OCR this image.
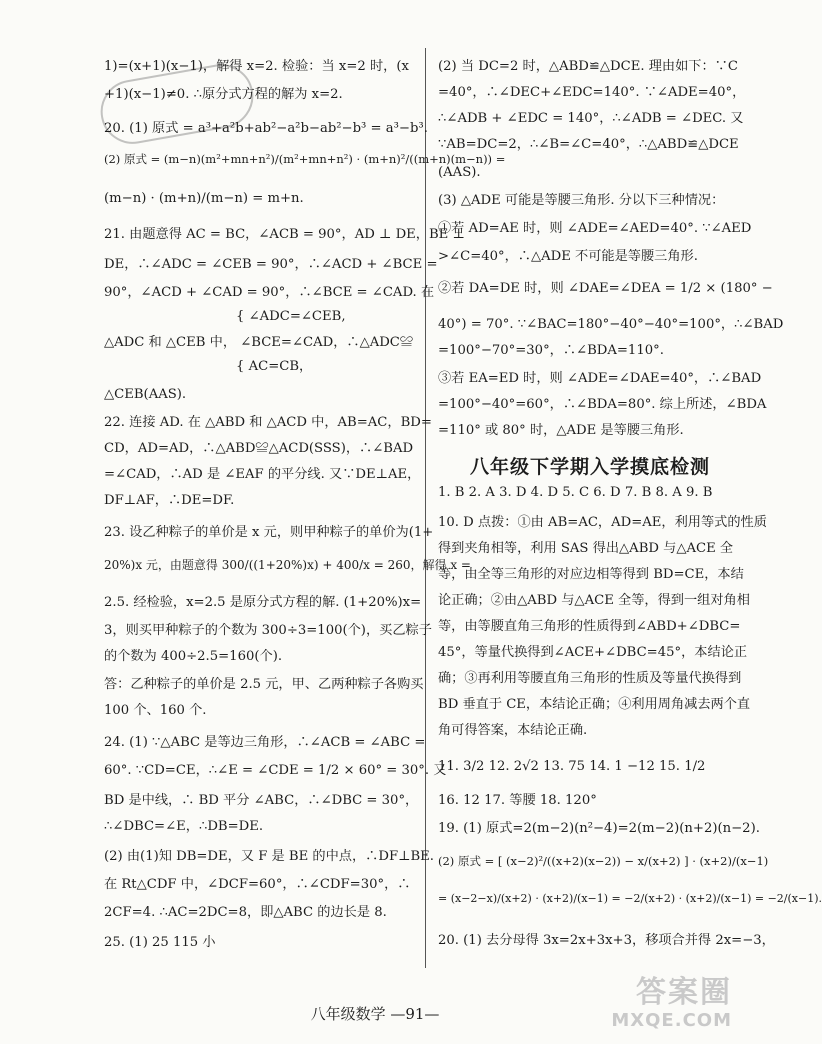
1)=(x+1)(x−1)，解得 x=2. 检验：当 x=2 时，(x
+1)(x−1)≠0. ∴原分式方程的解为 x=2.
20. (1) 原式 = a³+a²b+ab²−a²b−ab²−b³ = a³−b³.
(2) 原式 = (m−n)(m²+mn+n²)/(m²+mn+n²) · (m+n)²/((m+n)(m−n)) =
(m−n) · (m+n)/(m−n) = m+n.
21. 由题意得 AC = BC，∠ACB = 90°，AD ⊥ DE，BE ⊥
DE，∴∠ADC = ∠CEB = 90°，∴∠ACD + ∠BCE =
90°，∠ACD + ∠CAD = 90°，∴∠BCE = ∠CAD. 在
{ ∠ADC=∠CEB,
△ADC 和 △CEB 中， ∠BCE=∠CAD，∴△ADC≌
{ AC=CB，
△CEB(AAS).
22. 连接 AD. 在 △ABD 和 △ACD 中，AB=AC，BD=
CD，AD=AD，∴△ABD≌△ACD(SSS)，∴∠BAD
=∠CAD，∴AD 是 ∠EAF 的平分线. 又∵DE⊥AE，
DF⊥AF，∴DE=DF.
23. 设乙种粽子的单价是 x 元，则甲种粽子的单价为(1+
20%)x 元，由题意得 300/((1+20%)x) + 400/x = 260，解得 x =
2.5. 经检验，x=2.5 是原分式方程的解. (1+20%)x=
3，则买甲种粽子的个数为 300÷3=100(个)，买乙粽子
的个数为 400÷2.5=160(个).
答：乙种粽子的单价是 2.5 元，甲、乙两种粽子各购买
100 个、160 个.
24. (1) ∵△ABC 是等边三角形，∴∠ACB = ∠ABC =
60°. ∵CD=CE，∴∠E = ∠CDE = 1/2 × 60° = 30°. 又
BD 是中线，∴ BD 平分 ∠ABC，∴∠DBC = 30°，
∴∠DBC=∠E，∴DB=DE.
(2) 由(1)知 DB=DE，又 F 是 BE 的中点，∴DF⊥BE.
在 Rt△CDF 中，∠DCF=60°，∴∠CDF=30°，∴
2CF=4. ∴AC=2DC=8，即△ABC 的边长是 8.
25. (1) 25 115 小
(2) 当 DC=2 时，△ABD≌△DCE. 理由如下：∵C
=40°，∴∠DEC+∠EDC=140°. ∵∠ADE=40°，
∴∠ADB + ∠EDC = 140°，∴∠ADB = ∠DEC. 又
∵AB=DC=2，∴∠B=∠C=40°，∴△ABD≌△DCE
(AAS).
(3) △ADE 可能是等腰三角形. 分以下三种情况：
①若 AD=AE 时，则 ∠ADE=∠AED=40°. ∵∠AED
>∠C=40°，∴△ADE 不可能是等腰三角形.
②若 DA=DE 时，则 ∠DAE=∠DEA = 1/2 × (180° −
40°) = 70°. ∵∠BAC=180°−40°−40°=100°，∴∠BAD
=100°−70°=30°，∴∠BDA=110°.
③若 EA=ED 时，则 ∠ADE=∠DAE=40°，∴∠BAD
=100°−40°=60°，∴∠BDA=80°. 综上所述，∠BDA
=110° 或 80° 时，△ADE 是等腰三角形.
八年级下学期入学摸底检测
1. B 2. A 3. D 4. D 5. C 6. D 7. B 8. A 9. B
10. D 点拨：①由 AB=AC，AD=AE，利用等式的性质
得到夹角相等，利用 SAS 得出△ABD 与△ACE 全
等，由全等三角形的对应边相等得到 BD=CE，本结
论正确；②由△ABD 与△ACE 全等，得到一组对角相
等，由等腰直角三角形的性质得到∠ABD+∠DBC=
45°，等量代换得到∠ACE+∠DBC=45°，本结论正
确；③再利用等腰直角三角形的性质及等量代换得到
BD 垂直于 CE，本结论正确；④利用周角减去两个直
角可得答案，本结论正确.
11. 3/2 12. 2√2 13. 75 14. 1 −12 15. 1/2
16. 12 17. 等腰 18. 120°
19. (1) 原式=2(m−2)(n²−4)=2(m−2)(n+2)(n−2).
(2) 原式 = [ (x−2)²/((x+2)(x−2)) − x/(x+2) ] · (x+2)/(x−1)
= (x−2−x)/(x+2) · (x+2)/(x−1) = −2/(x+2) · (x+2)/(x−1) = −2/(x−1).
20. (1) 去分母得 3x=2x+3x+3，移项合并得 2x=−3，
八年级数学 —91—
答案圈
MXQE.COM
